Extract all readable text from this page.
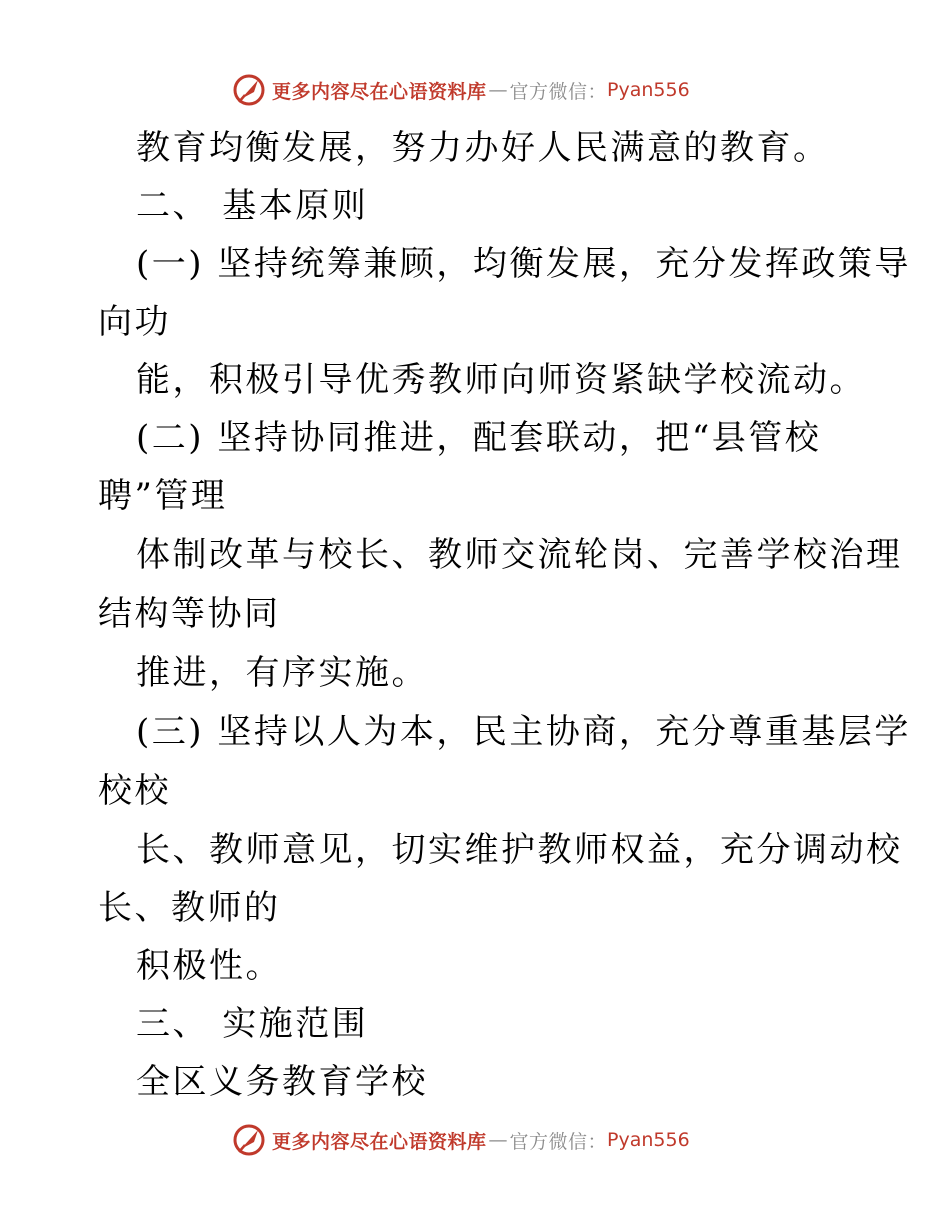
更多内容尽在心语资料库 — 官方微信： Pyan556
教育均衡发展，努力办好人民满意的教育。
二、 基本原则
(一) 坚持统筹兼顾，均衡发展，充分发挥政策导
向功
能，积极引导优秀教师向师资紧缺学校流动。
(二) 坚持协同推进，配套联动，把“县管校
聘”管理
体制改革与校长、教师交流轮岗、完善学校治理
结构等协同
推进，有序实施。
(三) 坚持以人为本，民主协商，充分尊重基层学
校校
长、教师意见，切实维护教师权益，充分调动校
长、教师的
积极性。
三、 实施范围
全区义务教育学校
更多内容尽在心语资料库 — 官方微信： Pyan556
